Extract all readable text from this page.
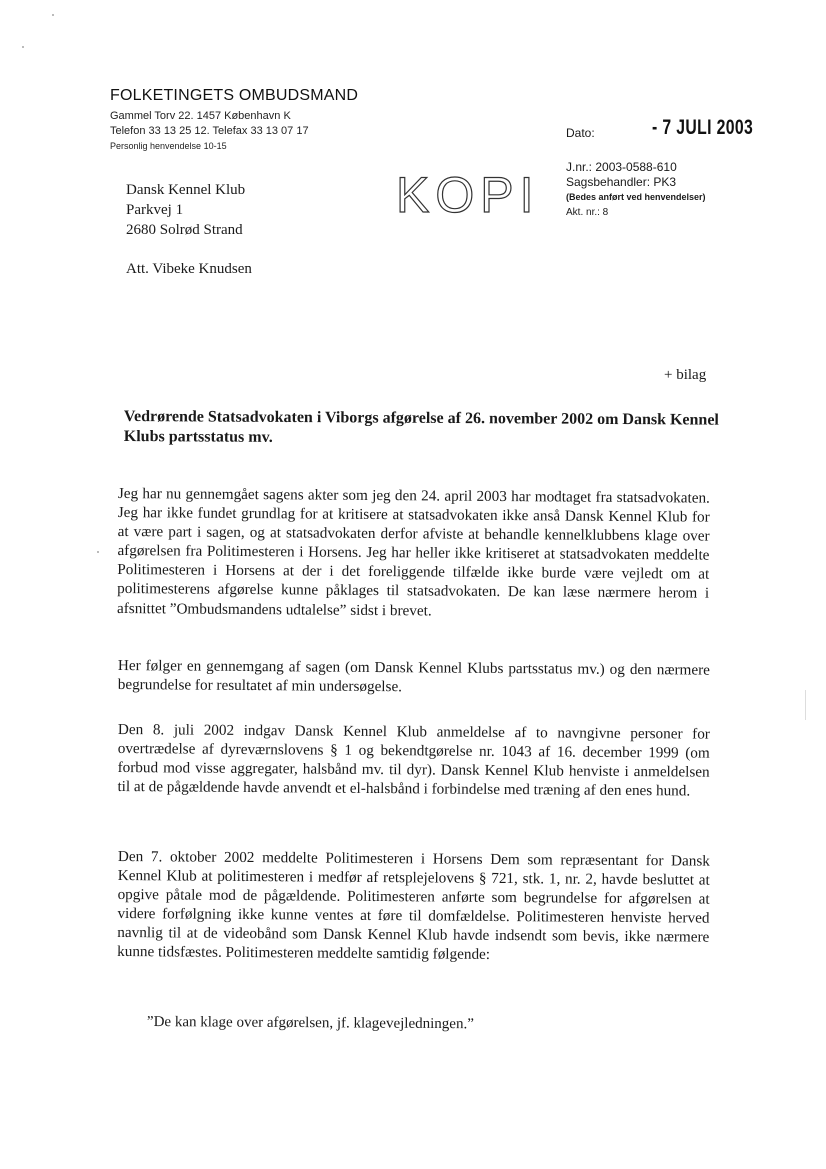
FOLKETINGETS OMBUDSMAND
Gammel Torv 22. 1457 København K
Telefon 33 13 25 12. Telefax 33 13 07 17
Personlig henvendelse 10-15
Dato:	- 7 JULI 2003
J.nr.: 2003-0588-610
Sagsbehandler: PK3
(Bedes anført ved henvendelser)
Akt. nr.: 8
KOPI
Dansk Kennel Klub
Parkvej 1
2680 Solrød Strand
Att. Vibeke Knudsen
+ bilag
Vedrørende Statsadvokaten i Viborgs afgørelse af 26. november 2002 om Dansk Kennel Klubs partsstatus mv.

Jeg har nu gennemgået sagens akter som jeg den 24. april 2003 har modtaget fra statsadvokaten. Jeg har ikke fundet grundlag for at kritisere at statsadvokaten ikke anså Dansk Kennel Klub for at være part i sagen, og at statsadvokaten derfor afviste at behandle kennelklubbens klage over afgørelsen fra Politimesteren i Horsens. Jeg har heller ikke kritiseret at statsadvokaten meddelte Politimesteren i Horsens at der i det foreliggende tilfælde ikke burde være vejledt om at politimesterens afgørelse kunne påklages til statsadvokaten. De kan læse nærmere herom i afsnittet ”Ombudsmandens udtalelse” sidst i brevet.

Her følger en gennemgang af sagen (om Dansk Kennel Klubs partsstatus mv.) og den nærmere begrundelse for resultatet af min undersøgelse.

Den 8. juli 2002 indgav Dansk Kennel Klub anmeldelse af to navngivne personer for overtrædelse af dyreværnslovens § 1 og bekendtgørelse nr. 1043 af 16. december 1999 (om forbud mod visse aggregater, halsbånd mv. til dyr). Dansk Kennel Klub henviste i anmeldelsen til at de pågældende havde anvendt et el-halsbånd i forbindelse med træning af den enes hund.

Den 7. oktober 2002 meddelte Politimesteren i Horsens Dem som repræsentant for Dansk Kennel Klub at politimesteren i medfør af retsplejelovens § 721, stk. 1, nr. 2, havde besluttet at opgive påtale mod de pågældende. Politimesteren anførte som begrundelse for afgørelsen at videre forfølgning ikke kunne ventes at føre til domfældelse. Politimesteren henviste herved navnlig til at de videobånd som Dansk Kennel Klub havde indsendt som bevis, ikke nærmere kunne tidsfæstes. Politimesteren meddelte samtidig følgende:

”De kan klage over afgørelsen, jf. klagevejledningen.”
